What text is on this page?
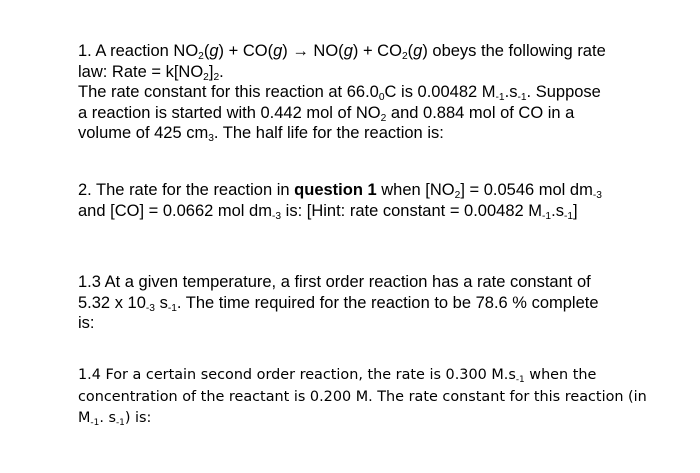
1. A reaction $NO_2(g) + CO(g) \to NO(g) + CO_2(g)$ obeys the following rate
law: Rate = $k[NO_2]_2$.
The rate constant for this reaction at $66.0_0C$ is 0.00482 $M_{-1}.s_{-1}$. Suppose
a reaction is started with 0.442 mol of $NO_2$ and 0.884 mol of CO in a
volume of 425 $cm_3$. The half life for the reaction is:
2. The rate for the reaction in question 1 when $[NO_2] = 0.0546$ mol $dm_{-3}$
and [CO] = 0.0662 mol $dm_{-3}$ is: [Hint: rate constant = 0.00482 $M_{-1}.s_{-1}$]
1.3 At a given temperature, a first order reaction has a rate constant of
5.32 x $10_{-3}$ $s_{-1}$. The time required for the reaction to be 78.6 % complete
is:
1.4 For a certain second order reaction, the rate is 0.300 $M.s_{-1}$ when the
concentration of the reactant is 0.200 M. The rate constant for this reaction (in
$M_{-1}$. $s_{-1}$) is:
